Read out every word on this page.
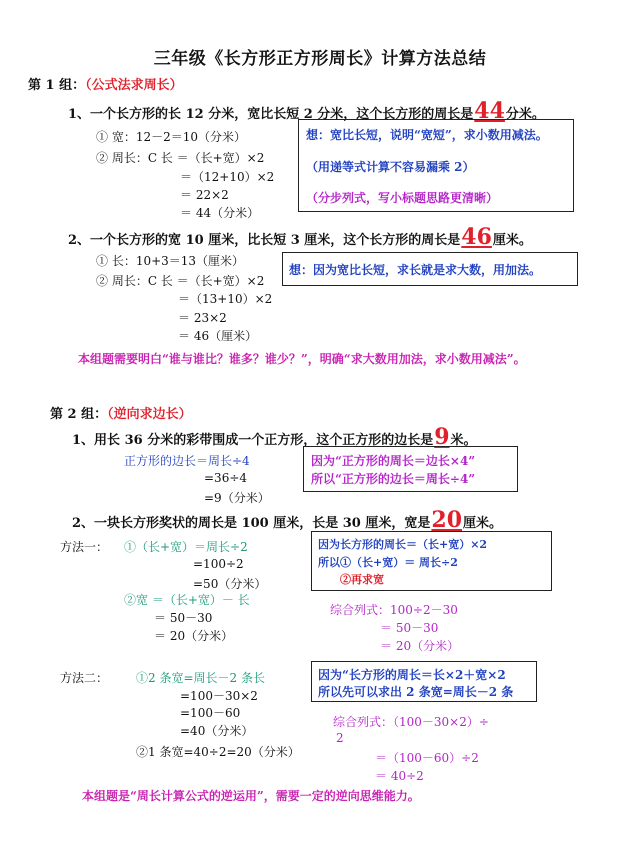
三年级《长方形正方形周长》计算方法总结
第 1 组：（公式法求周长）
1、一个长方形的长 12 分米，宽比长短 2 分米，这个长方形的周长是44分米。
① 宽：12－2＝10（分米）
② 周长：C 长 ＝（长+宽）×2
＝（12+10）×2
＝ 22×2
＝ 44（分米）
想：宽比长短，说明“宽短”，求小数用减法。
（用递等式计算不容易漏乘 2）
（分步列式，写小标题思路更清晰）
2、一个长方形的宽 10 厘米，比长短 3 厘米，这个长方形的周长是46厘米。
① 长：10+3＝13（厘米）
② 周长：C 长 ＝（长+宽）×2
＝（13+10）×2
＝ 23×2
＝ 46（厘米）
想：因为宽比长短，求长就是求大数，用加法。
本组题需要明白“谁与谁比？谁多？谁少？”，明确“求大数用加法，求小数用减法”。
第 2 组：（逆向求边长）
1、用长 36 分米的彩带围成一个正方形，这个正方形的边长是9米。
正方形的边长＝周长÷4
=36÷4
=9（分米）
因为“正方形的周长＝边长×4”
所以“正方形的边长＝周长÷4”
2、一块长方形奖状的周长是 100 厘米，长是 30 厘米，宽是20厘米。
方法一： ①（长+宽）＝周长÷2
=100÷2
=50（分米）
②宽 ＝（长+宽）－ 长
＝ 50－30
＝ 20（分米）
因为长方形的周长＝（长+宽）×2
所以①（长+宽）＝ 周长÷2
②再求宽
综合列式：100÷2－30
＝ 50－30
＝ 20（分米）
方法二： ①2 条宽=周长－2 条长
=100－30×2
=100－60
=40（分米）
②1 条宽=40÷2=20（分米）
因为“长方形的周长＝长×2＋宽×2
所以先可以求出 2 条宽=周长－2 条
综合列式：（100－30×2）÷
2
＝（100－60）÷2
＝ 40÷2
本组题是“周长计算公式的逆运用”，需要一定的逆向思维能力。
